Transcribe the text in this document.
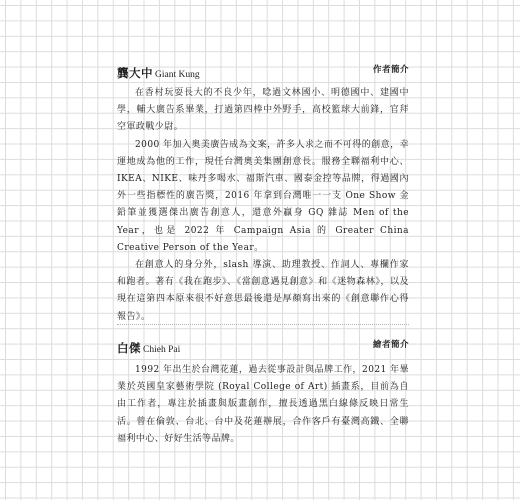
龔大中 Giant Kung	作者簡介

在香村玩耍長大的不良少年，唸過文林國小、明德國中、建國中學，輔大廣告系畢業，打過第四棒中外野手，高校籃球大前鋒，官拜空軍政戰少尉。

2000 年加入奧美廣告成為文案，許多人求之而不可得的創意，幸運地成為他的工作，現任台灣奧美集團創意長。服務全聯福利中心、IKEA、NIKE、味丹多喝水、福斯汽車、國泰金控等品牌，得過國內外一些指標性的廣告獎，2016 年拿到台灣唯一一支 One Show 金鉛筆並獲選傑出廣告創意人，還意外贏身 GQ 雜誌 Men of the Year，也是 2022 年 Campaign Asia 的 Greater China Creative Person of the Year。

在創意人的身分外，slash 導演、助理教授、作詞人、專欄作家和跑者。著有《我在跑步》、《當創意遇見創意》和《迷物森林》，以及現在這第四本原來很不好意思最後還是厚顏寫出來的《創意聯作心得報告》。

白傑 Chieh Pai	繪者簡介

1992 年出生於台灣花蓮，過去從事設計與品牌工作，2021 年畢業於英國皇家藝術學院 (Royal College of Art) 插畫系，目前為自由工作者，專注於插畫與版畫創作，擅長透過黑白線條反映日常生活。曾在倫敦、台北、台中及花蓮辦展，合作客戶有臺灣高鐵、全聯福利中心、好好生活等品牌。
